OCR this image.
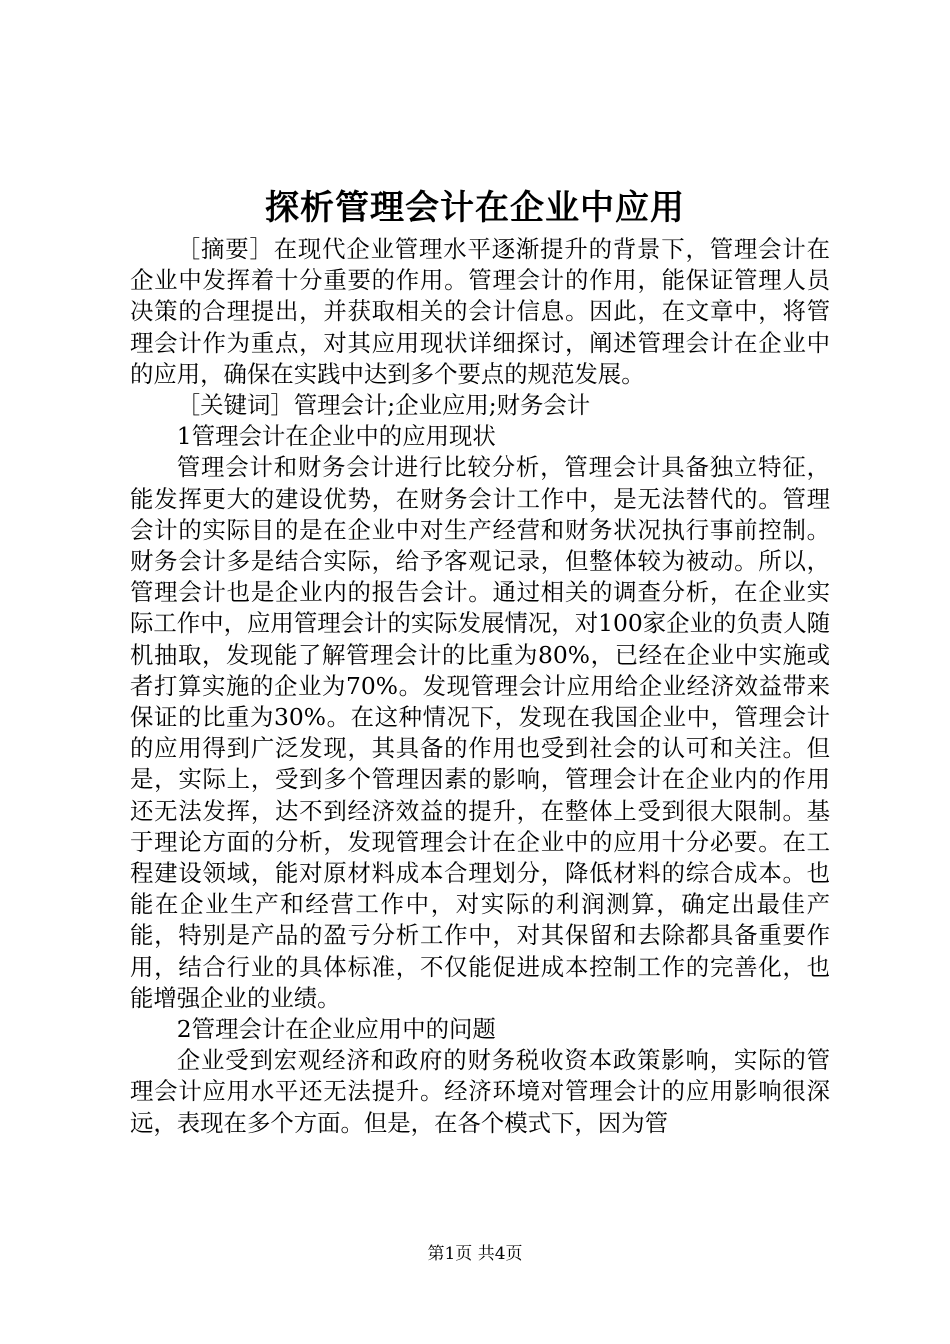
探析管理会计在企业中应用

［摘要］在现代企业管理水平逐渐提升的背景下，管理会计在企业中发挥着十分重要的作用。管理会计的作用，能保证管理人员决策的合理提出，并获取相关的会计信息。因此，在文章中，将管理会计作为重点，对其应用现状详细探讨，阐述管理会计在企业中的应用，确保在实践中达到多个要点的规范发展。

［关键词］管理会计;企业应用;财务会计

1管理会计在企业中的应用现状

管理会计和财务会计进行比较分析，管理会计具备独立特征，能发挥更大的建设优势，在财务会计工作中，是无法替代的。管理会计的实际目的是在企业中对生产经营和财务状况执行事前控制。财务会计多是结合实际，给予客观记录，但整体较为被动。所以，管理会计也是企业内的报告会计。通过相关的调查分析，在企业实际工作中，应用管理会计的实际发展情况，对100家企业的负责人随机抽取，发现能了解管理会计的比重为80%，已经在企业中实施或者打算实施的企业为70%。发现管理会计应用给企业经济效益带来保证的比重为30%。在这种情况下，发现在我国企业中，管理会计的应用得到广泛发现，其具备的作用也受到社会的认可和关注。但是，实际上，受到多个管理因素的影响，管理会计在企业内的作用还无法发挥，达不到经济效益的提升，在整体上受到很大限制。基于理论方面的分析，发现管理会计在企业中的应用十分必要。在工程建设领域，能对原材料成本合理划分，降低材料的综合成本。也能在企业生产和经营工作中，对实际的利润测算，确定出最佳产能，特别是产品的盈亏分析工作中，对其保留和去除都具备重要作用，结合行业的具体标准，不仅能促进成本控制工作的完善化，也能增强企业的业绩。

2管理会计在企业应用中的问题

企业受到宏观经济和政府的财务税收资本政策影响，实际的管理会计应用水平还无法提升。经济环境对管理会计的应用影响很深远，表现在多个方面。但是，在各个模式下，因为管

第1页 共4页
